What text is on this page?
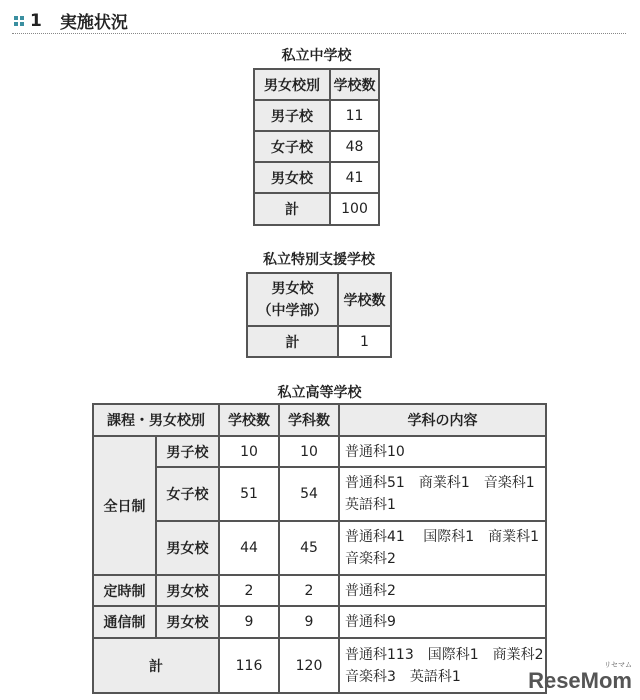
1 実施状況
私立中学校
男女校別	学校数
男子校	11
女子校	48
男女校	41
計	100
私立特別支援学校
男女校
（中学部）	学校数
計	1
私立高等学校
課程・男女校別		学校数	学科数	学科の内容
全日制	男子校	10	10	普通科10
	女子校	51	54	普通科51　商業科1　音楽科1　英語科1
	男女校	44	45	普通科41　 国際科1　商業科1　音楽科2
定時制	男女校	2	2	普通科2
通信制	男女校	9	9	普通科9
計		116	120	普通科113　国際科1　商業科2　音楽科3　英語科1
リセマム
ReseMom
